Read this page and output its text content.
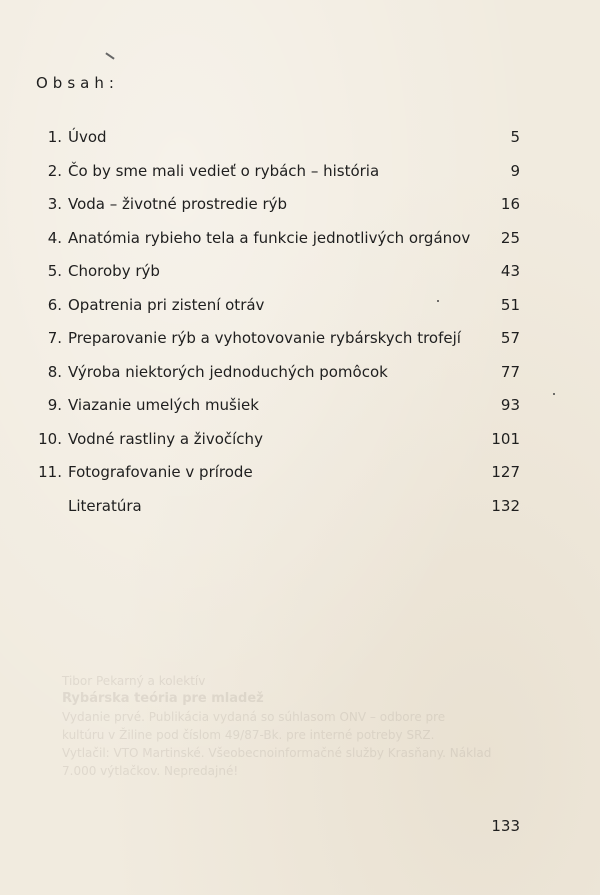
Obsah:
1. Úvod	5
2. Čo by sme mali vedieť o rybách – história	9
3. Voda – životné prostredie rýb	16
4. Anatómia rybieho tela a funkcie jednotlivých orgánov 25
5. Choroby rýb	43
6. Opatrenia pri zistení otráv	51
7. Preparovanie rýb a vyhotovovanie rybárskych trofejí	57
8. Výroba niektorých jednoduchých pomôcok	77
9. Viazanie umelých mušiek	93
10. Vodné rastliny a živočíchy	101
11. Fotografovanie v prírode	127
Literatúra	132
Tibor Pekarný a kolektív
Rybárska teória pre mladež
Vydanie prvé. Publikácia vydaná so súhlasom ONV – odbore pre
kultúru v Žiline pod číslom 49/87-Bk. pre interné potreby SRZ.
Vytlačil: VTO Martinské. Všeobecnoinformačné služby Krasňany. Náklad
7.000 výtlačkov. Nepredajné!
133
